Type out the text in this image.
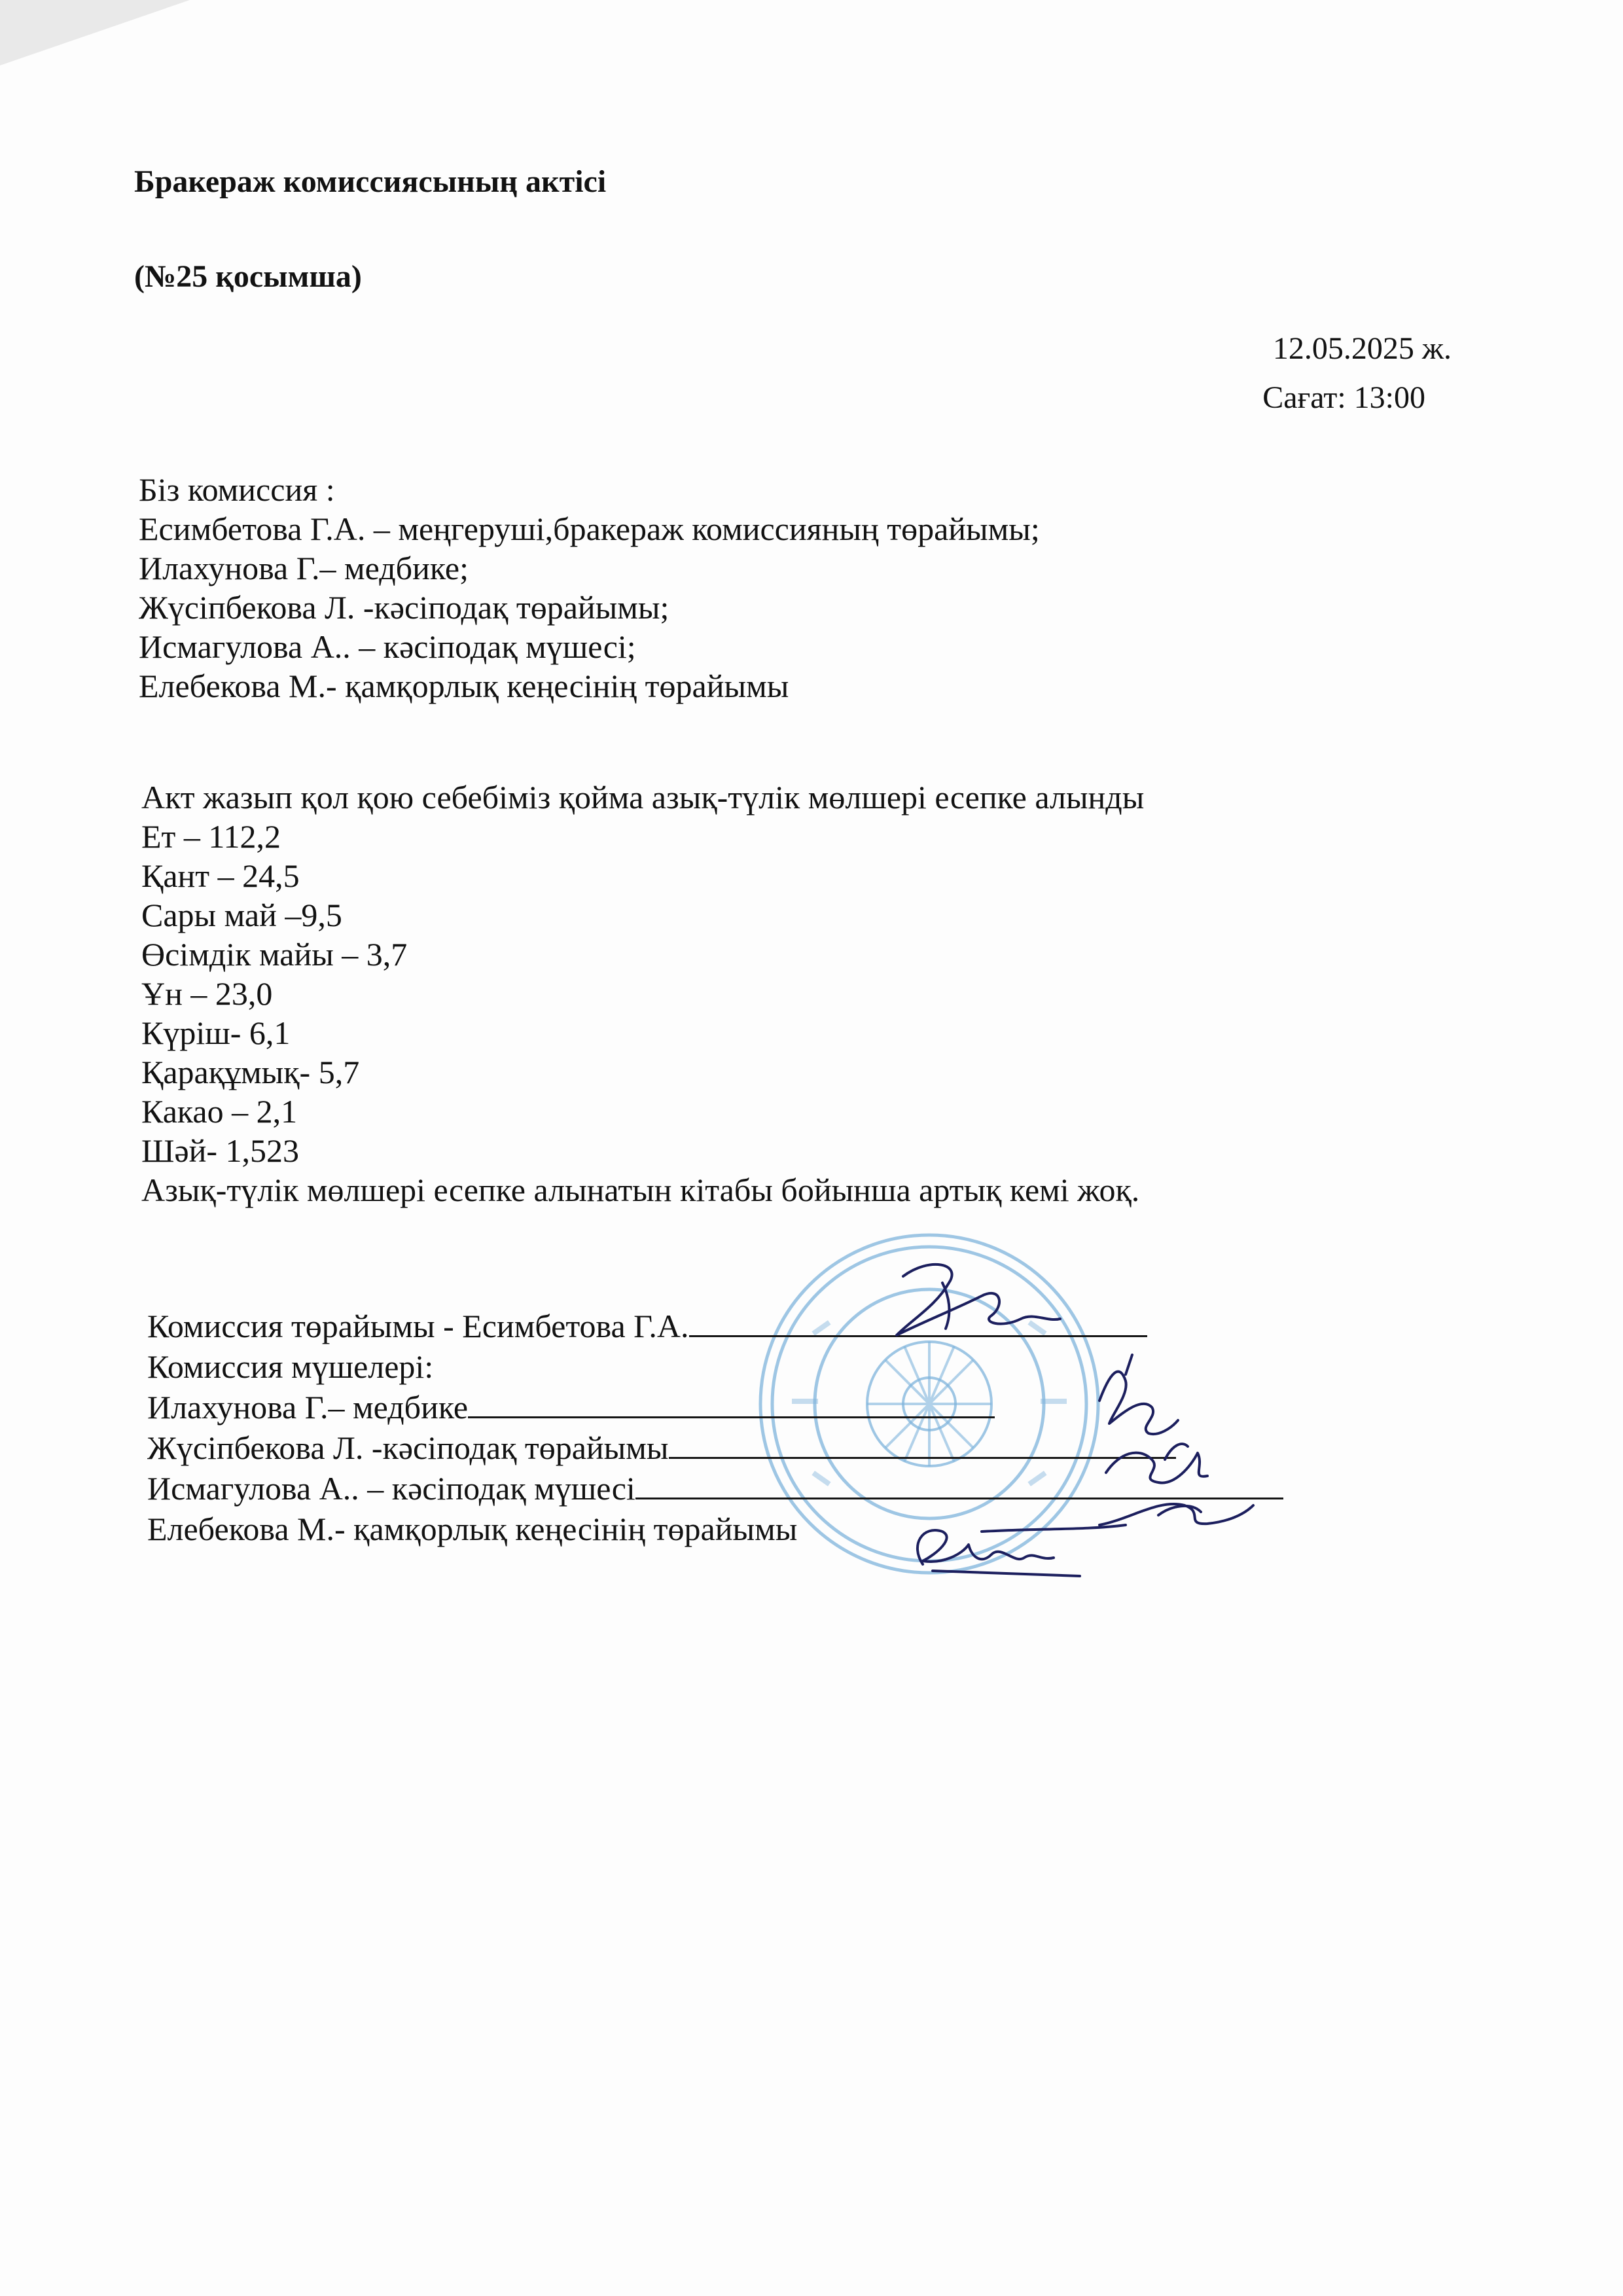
Бракераж комиссиясының актісі
(№25 қосымша)
12.05.2025 ж.
Сағат: 13:00
Біз комиссия :
Есимбетова Г.А. – меңгеруші,бракераж комиссияның төрайымы;
Илахунова Г.– медбике;
Жүсіпбекова Л. -кәсіподақ төрайымы;
Исмагулова А.. – кәсіподақ мүшесі;
Елебекова М.- қамқорлық кеңесінің төрайымы
Акт жазып қол қою себебіміз қойма азық-түлік мөлшері есепке алынды
Ет – 112,2
Қант – 24,5
Сары май –9,5
Өсімдік майы – 3,7
Ұн – 23,0
Күріш- 6,1
Қарақұмық- 5,7
Какао – 2,1
Шәй- 1,523
Азық-түлік мөлшері есепке алынатын кітабы бойынша артық кемі жоқ.
Комиссия төрайымы - Есимбетова Г.А.
Комиссия мүшелері:
Илахунова Г.– медбике
Жүсіпбекова Л. -кәсіподақ төрайымы
Исмагулова А.. – кәсіподақ мүшесі
Елебекова М.- қамқорлық кеңесінің төрайымы
